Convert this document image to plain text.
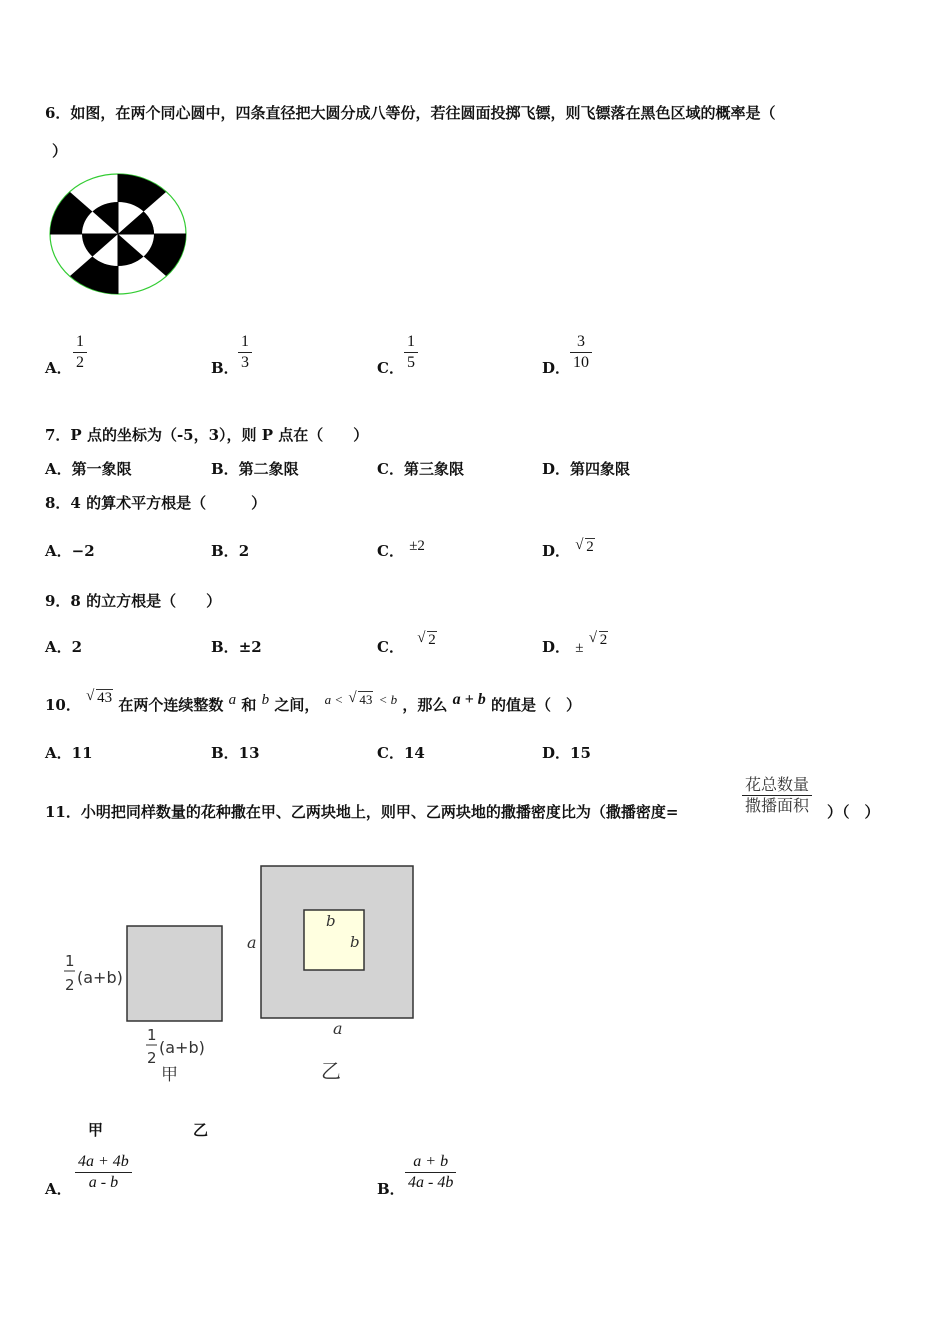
6．如图，在两个同心圆中，四条直径把大圆分成八等份，若往圆面投掷飞镖，则飞镖落在黑色区域的概率是（
）
A．
1
2	B．
1
3	C．
1
5	D．
3
10
7．P 点的坐标为（-5，3），则 P 点在（　　）
A．第一象限	B．第二象限	C．第三象限	D．第四象限
8．4 的算术平方根是（　　　）
A．−2	B．2	C． ±2	D． √ 2
9．8 的立方根是（　　）
A．2	B．±2	C． √ 2	D． ± √ 2
10． √ 43 在两个连续整数 a 和 b 之间， a < √ 43 < b ，那么 a + b 的值是（　）
A．11	B．13	C．14	D．15
11．小明把同样数量的花种撒在甲、乙两块地上，则甲、乙两块地的撒播密度比为（撒播密度=
花总数量
撒播面积 ）（　）
1
2 (a+b)
1
2
(a+b)
甲
a
a
b
b
乙
甲	乙
A．
4a + 4b
a - b	B．
a + b
4a - 4b
